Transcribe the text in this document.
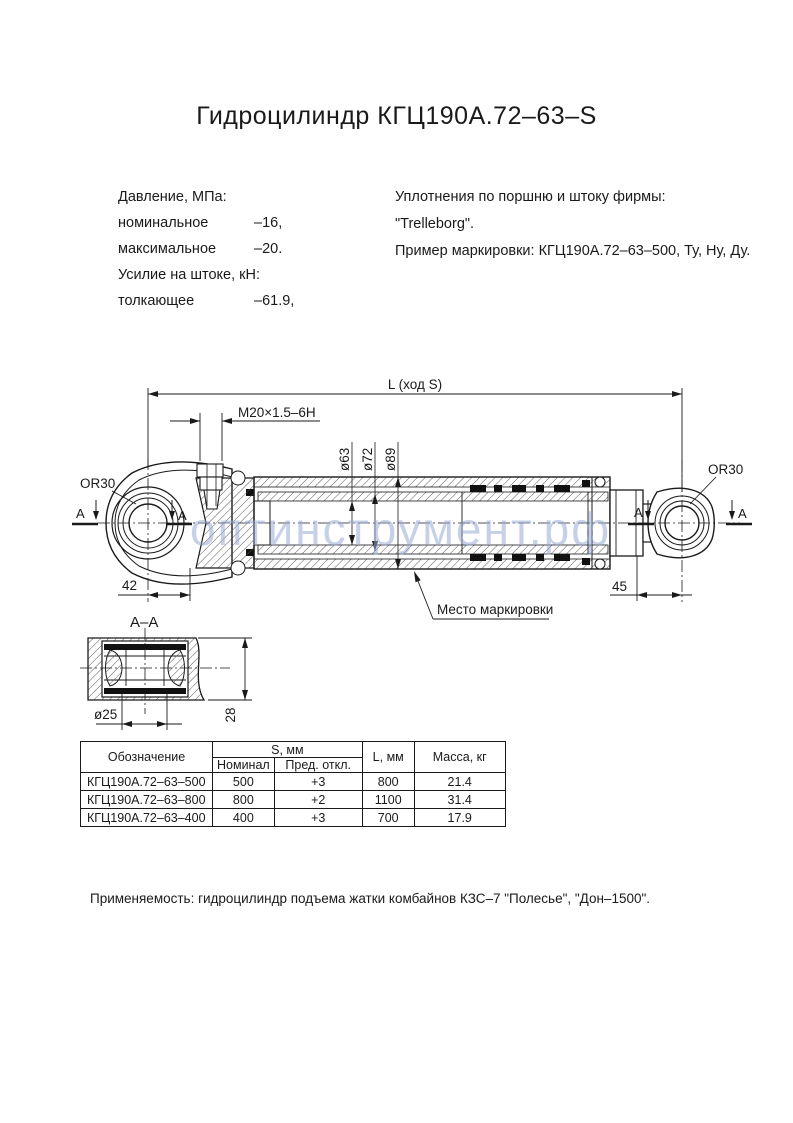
Гидроцилиндр КГЦ190А.72–63–S
Давление, МПа:
номинальное	–16,
максимальное	–20.
Усилие на штоке, кН:
толкающее	–61.9,
Уплотнения по поршню и штоку фирмы:
"Trelleborg".
Пример маркировки: КГЦ190А.72–63–500, Ту, Ну, Ду.
L (ход S)
M20×1.5–6H
ø63 ø72 ø89
42	45
A	A	A	A
OR30
OR30
Место маркировки
А–А
28
ø25
оптинструмент.рф
Обозначение	S, мм		L, мм	Масса, кг
	Номинал	Пред. откл.		
КГЦ190А.72–63–500	500	+3	800	21.4
КГЦ190А.72–63–800	800	+2	1100	31.4
КГЦ190А.72–63–400	400	+3	700	17.9
Применяемость: гидроцилиндр подъема жатки комбайнов КЗС–7 "Полесье", "Дон–1500".
